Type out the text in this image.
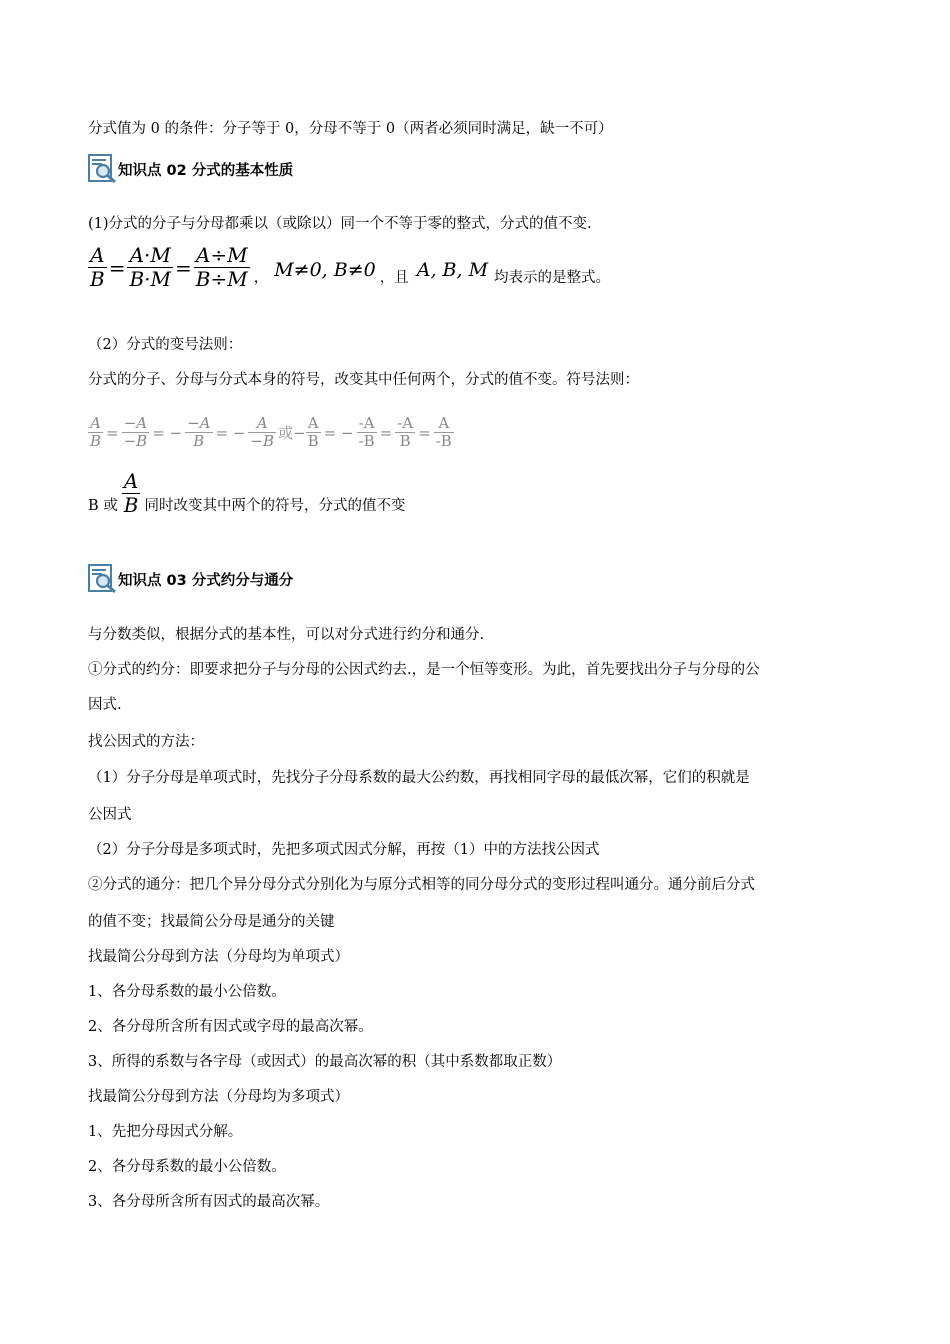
分式值为 0 的条件：分子等于 0，分母不等于 0（两者必须同时满足，缺一不可）
知识点 02 分式的基本性质
(1)分式的分子与分母都乘以（或除以）同一个不等于零的整式，分式的值不变.
$\frac{A}{B} = \frac{A\cdot M}{B\cdot M} = \frac{A\div M}{B\div M}$ ， M≠0, B≠0 ，且 A, B, M 均表示的是整式。
（2）分式的变号法则：
分式的分子、分母与分式本身的符号，改变其中任何两个，分式的值不变。符号法则：
$\frac{A}{B} = \frac{-A}{-B}$ = − $\frac{-A}{B}$ = − $\frac{A}{-B}$ 或 − $\frac{A}{B}$ = − $\frac{-A}{-B} = \frac{-A}{B} = \frac{A}{-B}$
B 或 $\frac{A}{B}$ 同时改变其中两个的符号，分式的值不变
知识点 03 分式约分与通分
与分数类似，根据分式的基本性，可以对分式进行约分和通分.
①分式的约分：即要求把分子与分母的公因式约去.，是一个恒等变形。为此，首先要找出分子与分母的公
因式.
找公因式的方法：
（1）分子分母是单项式时，先找分子分母系数的最大公约数，再找相同字母的最低次幂，它们的积就是
公因式
（2）分子分母是多项式时，先把多项式因式分解，再按（1）中的方法找公因式
②分式的通分：把几个异分母分式分别化为与原分式相等的同分母分式的变形过程叫通分。通分前后分式
的值不变；找最简公分母是通分的关键
找最简公分母到方法（分母均为单项式）
1、各分母系数的最小公倍数。
2、各分母所含所有因式或字母的最高次幂。
3、所得的系数与各字母（或因式）的最高次幂的积（其中系数都取正数）
找最简公分母到方法（分母均为多项式）
1、先把分母因式分解。
2、各分母系数的最小公倍数。
3、各分母所含所有因式的最高次幂。
